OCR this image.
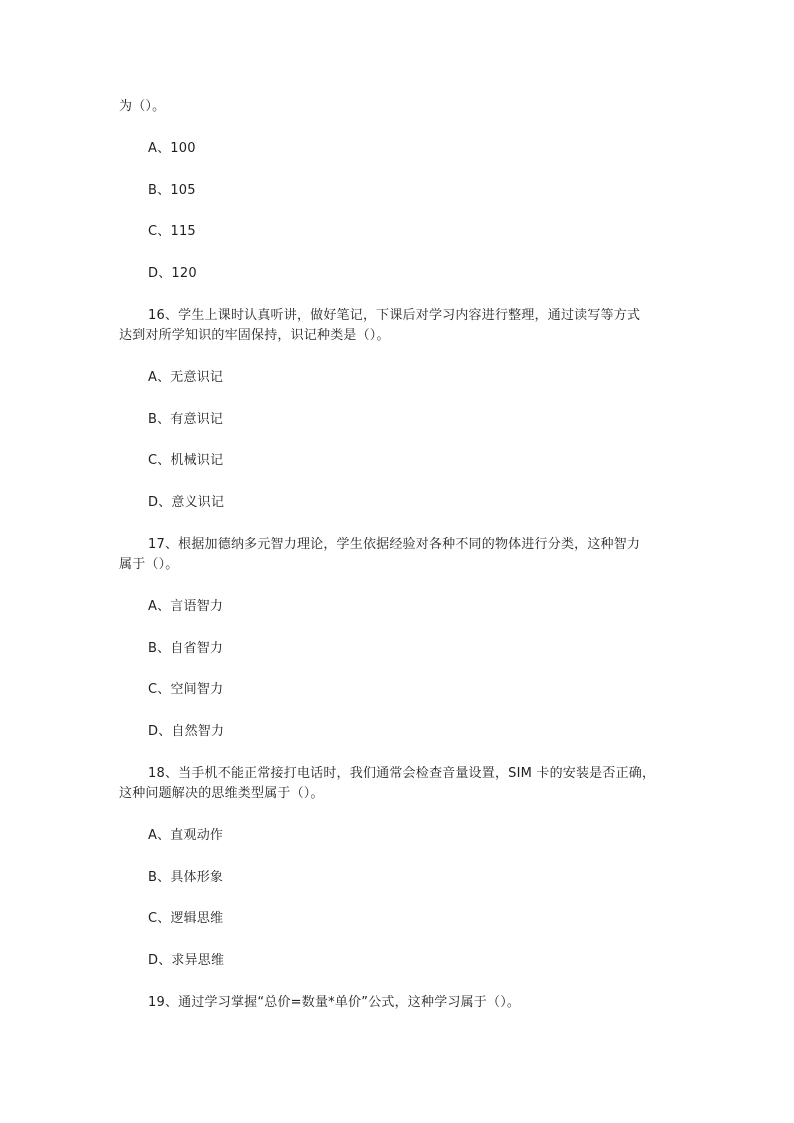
为（）。
A、100
B、105
C、115
D、120
16、学生上课时认真听讲，做好笔记，下课后对学习内容进行整理，通过读写等方式
达到对所学知识的牢固保持，识记种类是（）。
A、无意识记
B、有意识记
C、机械识记
D、意义识记
17、根据加德纳多元智力理论，学生依据经验对各种不同的物体进行分类，这种智力
属于（）。
A、言语智力
B、自省智力
C、空间智力
D、自然智力
18、当手机不能正常接打电话时，我们通常会检查音量设置，SIM 卡的安装是否正确，
这种问题解决的思维类型属于（）。
A、直观动作
B、具体形象
C、逻辑思维
D、求异思维
19、通过学习掌握“总价=数量*单价”公式，这种学习属于（）。
